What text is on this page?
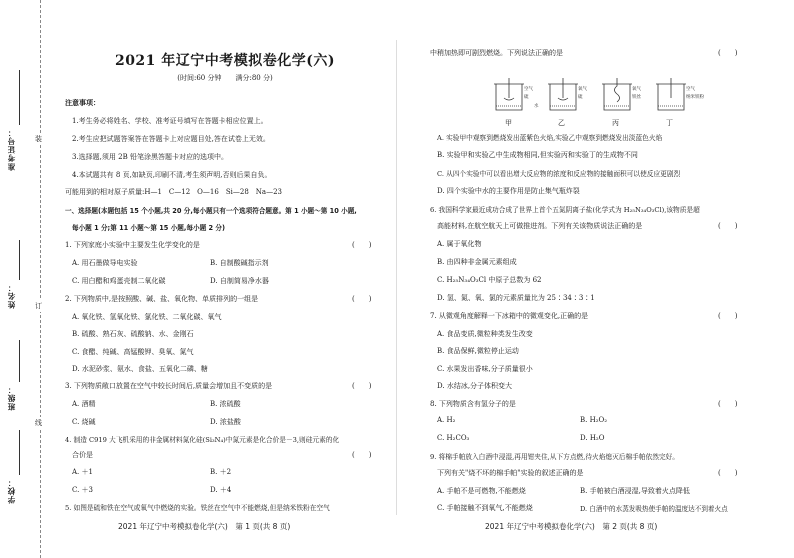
准考证号：
姓名：
班级：
学校：
装
订
线
2021 年辽宁中考模拟卷化学(六)
(时间:60 分钟　　满分:80 分)
注意事项：
1.考生务必将姓名、学校、准考证号填写在答题卡相应位置上。
2.考生应把试题答案答在答题卡上对应题目处,答在试卷上无效。
3.选择题,须用 2B 铅笔涂黑答题卡对应的选项中。
4.本试题共有 8 页,如缺页,印刷不清,考生须声明,否则后果自负。
可能用到的相对原子质量:H—1　C—12　O—16　Si—28　Na—23
一、选择题(本题包括 15 个小题,共 20 分,每小题只有一个选项符合题意。第 1 小题～第 10 小题,
每小题 1 分;第 11 小题～第 15 小题,每小题 2 分)
1. 下列家庭小实验中主要发生化学变化的是	(　　)
A. 用石墨做导电实验	B. 自制酸碱指示剂
C. 用白醋和鸡蛋壳制二氧化碳	D. 自制简易净水器
2. 下列物质中,是按照酸、碱、盐、氧化物、单质排列的一组是	(　　)
A. 氧化铁、氢氧化铁、氯化铁、二氧化碳、氧气
B. 硫酸、熟石灰、硫酸钠、水、金刚石
C. 食醋、纯碱、高锰酸钾、臭氧、氮气
D. 水泥砂浆、氨水、食盐、五氧化二磷、糖
3. 下列物质敞口放置在空气中较长时间后,质量会增加且不变质的是	(　　)
A. 酒精	B. 浓硫酸
C. 烧碱	D. 浓盐酸
4. 制造 C919 大飞机采用的非金属材料氮化硅(Si₃N₄)中氮元素是化合价是－3,则硅元素的化
合价是	(　　)
A. ＋1	B. ＋2
C. ＋3	D. ＋4
5. 如图是硫和铁在空气或氧气中燃烧的实验。铁丝在空气中不能燃烧,但是纳米铁粉在空气
2021 年辽宁中考模拟卷化学(六)　第 1 页(共 8 页)
中稍加热即可剧烈燃烧。下列说法正确的是	(　　)
空气
硫
氧气
硫
氧气
铁丝
空气
纳米铁粉
水
甲	乙	丙	丁
A. 实验甲中观察到燃烧发出蓝紫色火焰,实验乙中观察到燃烧发出淡蓝色火焰
B. 实验甲和实验乙中生成物相同,但实验丙和实验丁的生成物不同
C. 从四个实验中可以看出增大反应物的浓度和反应物的接触面积可以使反应更剧烈
D. 四个实验中水的主要作用是防止集气瓶炸裂
6. 我国科学家最近成功合成了世界上首个五氮阴离子盐(化学式为 H₂₅N₃₄O₃Cl),该物质是超
高能材料,在航空航天上可做推进剂。下列有关该物质说法正确的是	(　　)
A. 属于氧化物
B. 由四种非金属元素组成
C. H₂₅N₃₄O₃Cl 中原子总数为 62
D. 氢、氮、氧、氯的元素质量比为 25∶34∶3∶1
7. 从微观角度解释一下冰箱中的微观变化,正确的是	(　　)
A. 食品变质,微粒种类发生改变
B. 食品保鲜,微粒停止运动
C. 水果发出香味,分子质量很小
D. 水结冰,分子体积变大
8. 下列物质含有氢分子的是	(　　)
A. H₂	B. H₂O₂
C. H₂CO₃	D. H₂O
9. 将棉手帕放入白酒中浸湿,再用钳夹住,从下方点燃,待火焰熄灭后棉手帕依然完好。
下列有关"烧不坏的棉手帕"实验的叙述正确的是	(　　)
A. 手帕不是可燃物,不能燃烧	B. 手帕被白酒浸湿,导致着火点降低
C. 手帕接触不到氧气,不能燃烧	D. 白酒中的水蒸发吸热使手帕的温度达不到着火点
2021 年辽宁中考模拟卷化学(六)　第 2 页(共 8 页)
